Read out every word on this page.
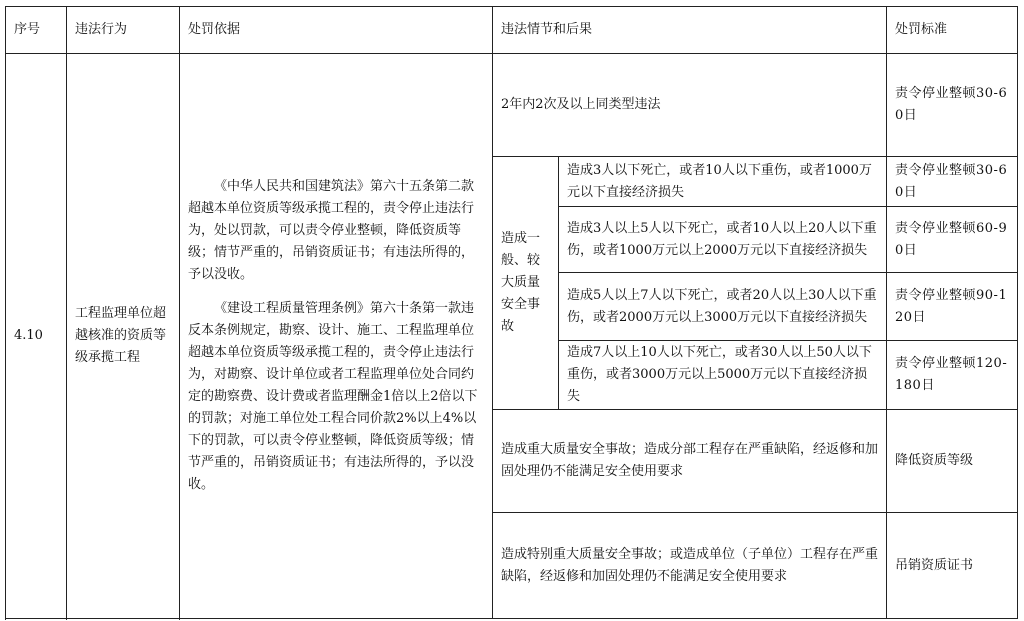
序号	违法行为	处罚依据	违法情节和后果		处罚标准
4.10	工程监理单位超越核准的资质等级承揽工程	《中华人民共和国建筑法》第六十五条第二款超越本单位资质等级承揽工程的，责令停止违法行为，处以罚款，可以责令停业整顿，降低资质等级；情节严重的，吊销资质证书；有违法所得的，予以没收。

《建设工程质量管理条例》第六十条第一款违反本条例规定，勘察、设计、施工、工程监理单位超越本单位资质等级承揽工程的，责令停止违法行为，对勘察、设计单位或者工程监理单位处合同约定的勘察费、设计费或者监理酬金1倍以上2倍以下的罚款；对施工单位处工程合同价款2%以上4%以下的罚款，可以责令停业整顿，降低资质等级；情节严重的，吊销资质证书；有违法所得的，予以没收。	2年内2次及以上同类型违法		责令停业整顿30-60日
			造成一般、较大质量安全事故	造成3人以下死亡，或者10人以下重伤，或者1000万元以下直接经济损失	责令停业整顿30-60日
				造成3人以上5人以下死亡，或者10人以上20人以下重伤，或者1000万元以上2000万元以下直接经济损失	责令停业整顿60-90日
				造成5人以上7人以下死亡，或者20人以上30人以下重伤，或者2000万元以上3000万元以下直接经济损失	责令停业整顿90-120日
				造成7人以上10人以下死亡，或者30人以上50人以下重伤，或者3000万元以上5000万元以下直接经济损失	责令停业整顿120-180日
			造成重大质量安全事故；造成分部工程存在严重缺陷，经返修和加固处理仍不能满足安全使用要求		降低资质等级
			造成特别重大质量安全事故；或造成单位（子单位）工程存在严重缺陷，经返修和加固处理仍不能满足安全使用要求		吊销资质证书
